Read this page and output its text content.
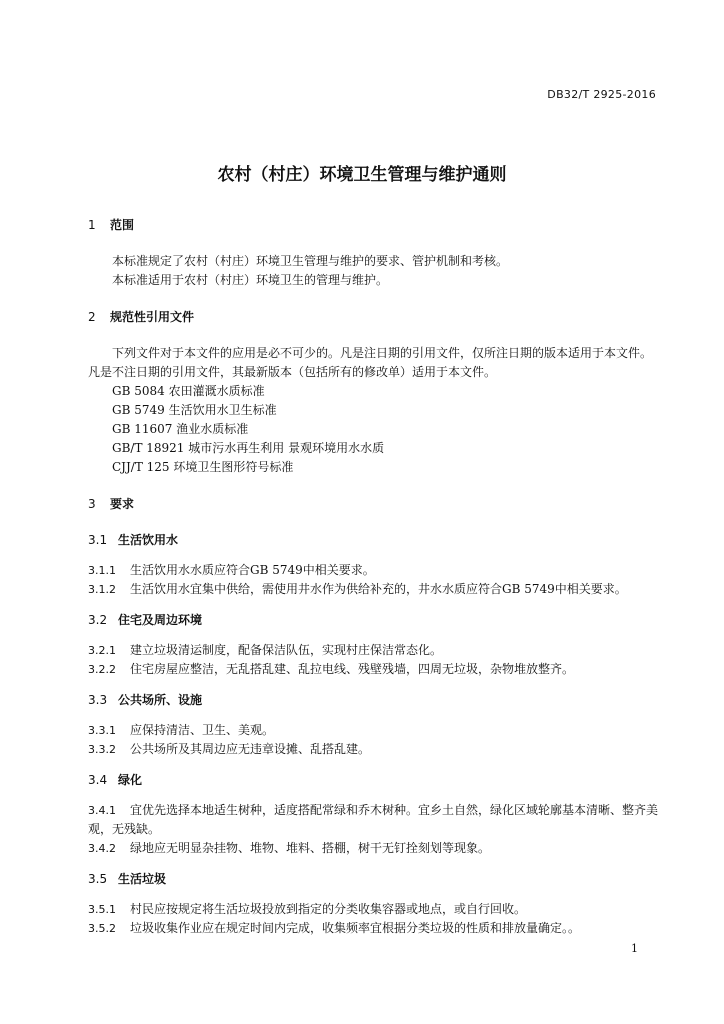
DB32/T 2925-2016
农村（村庄）环境卫生管理与维护通则
1 范围

本标准规定了农村（村庄）环境卫生管理与维护的要求、管护机制和考核。

本标准适用于农村（村庄）环境卫生的管理与维护。

2 规范性引用文件

下列文件对于本文件的应用是必不可少的。凡是注日期的引用文件，仅所注日期的版本适用于本文件。凡是不注日期的引用文件，其最新版本（包括所有的修改单）适用于本文件。

GB 5084 农田灌溉水质标准

GB 5749 生活饮用水卫生标准

GB 11607 渔业水质标准

GB/T 18921 城市污水再生利用 景观环境用水水质

CJJ/T 125 环境卫生图形符号标准

3 要求
3.1 生活饮用水

3.1.1 生活饮用水水质应符合GB 5749中相关要求。

3.1.2 生活饮用水宜集中供给，需使用井水作为供给补充的，井水水质应符合GB 5749中相关要求。

3.2 住宅及周边环境

3.2.1 建立垃圾清运制度，配备保洁队伍，实现村庄保洁常态化。

3.2.2 住宅房屋应整洁，无乱搭乱建、乱拉电线、残壁残墙，四周无垃圾，杂物堆放整齐。

3.3 公共场所、设施

3.3.1 应保持清洁、卫生、美观。

3.3.2 公共场所及其周边应无违章设摊、乱搭乱建。

3.4 绿化

3.4.1 宜优先选择本地适生树种，适度搭配常绿和乔木树种。宜乡土自然，绿化区域轮廓基本清晰、整齐美观，无残缺。

3.4.2 绿地应无明显杂挂物、堆物、堆料、搭棚，树干无钉拴刻划等现象。

3.5 生活垃圾

3.5.1 村民应按规定将生活垃圾投放到指定的分类收集容器或地点，或自行回收。

3.5.2 垃圾收集作业应在规定时间内完成，收集频率宜根据分类垃圾的性质和排放量确定。。

1
